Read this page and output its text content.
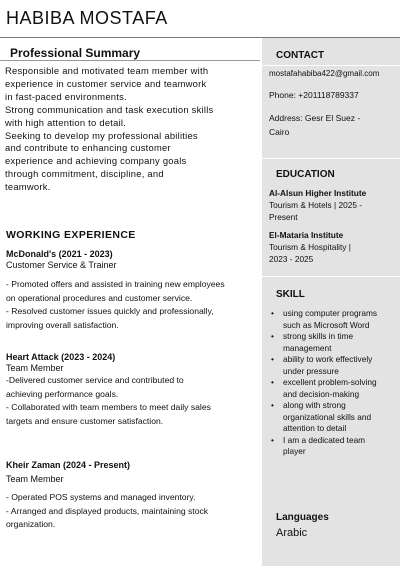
HABIBA MOSTAFA
Professional Summary
Responsible and motivated team member with
experience in customer service and teamwork
in fast-paced environments.
Strong communication and task execution skills
with high attention to detail.
Seeking to develop my professional abilities
and contribute to enhancing customer
experience and achieving company goals
through commitment, discipline, and
teamwork.
WORKING EXPERIENCE
McDonald's (2021 - 2023)
Customer Service & Trainer
- Promoted offers and assisted in training new employees
on operational procedures and customer service.
- Resolved customer issues quickly and professionally,
improving overall satisfaction.
Heart Attack (2023 - 2024)
Team Member
-Delivered customer service and contributed to
achieving performance goals.
- Collaborated with team members to meet daily sales
targets and ensure customer satisfaction.
Kheir Zaman (2024 - Present)
Team Member
- Operated POS systems and managed inventory.
- Arranged and displayed products, maintaining stock
organization.
CONTACT
mostafahabiba422@gmail.com
Phone: +201118789337
Address: Gesr El Suez -
Cairo
EDUCATION
Al-Alsun Higher Institute
Tourism & Hotels | 2025 -
Present
El-Mataria Institute
Tourism & Hospitality |
2023 - 2025
SKILL
• using computer programs
such as Microsoft Word
• strong skills in time
management
• ability to work effectively
under pressure
• excellent problem-solving
and decision-making
• along with strong
organizational skills and
attention to detail
• I am a dedicated team
player
Languages
Arabic
